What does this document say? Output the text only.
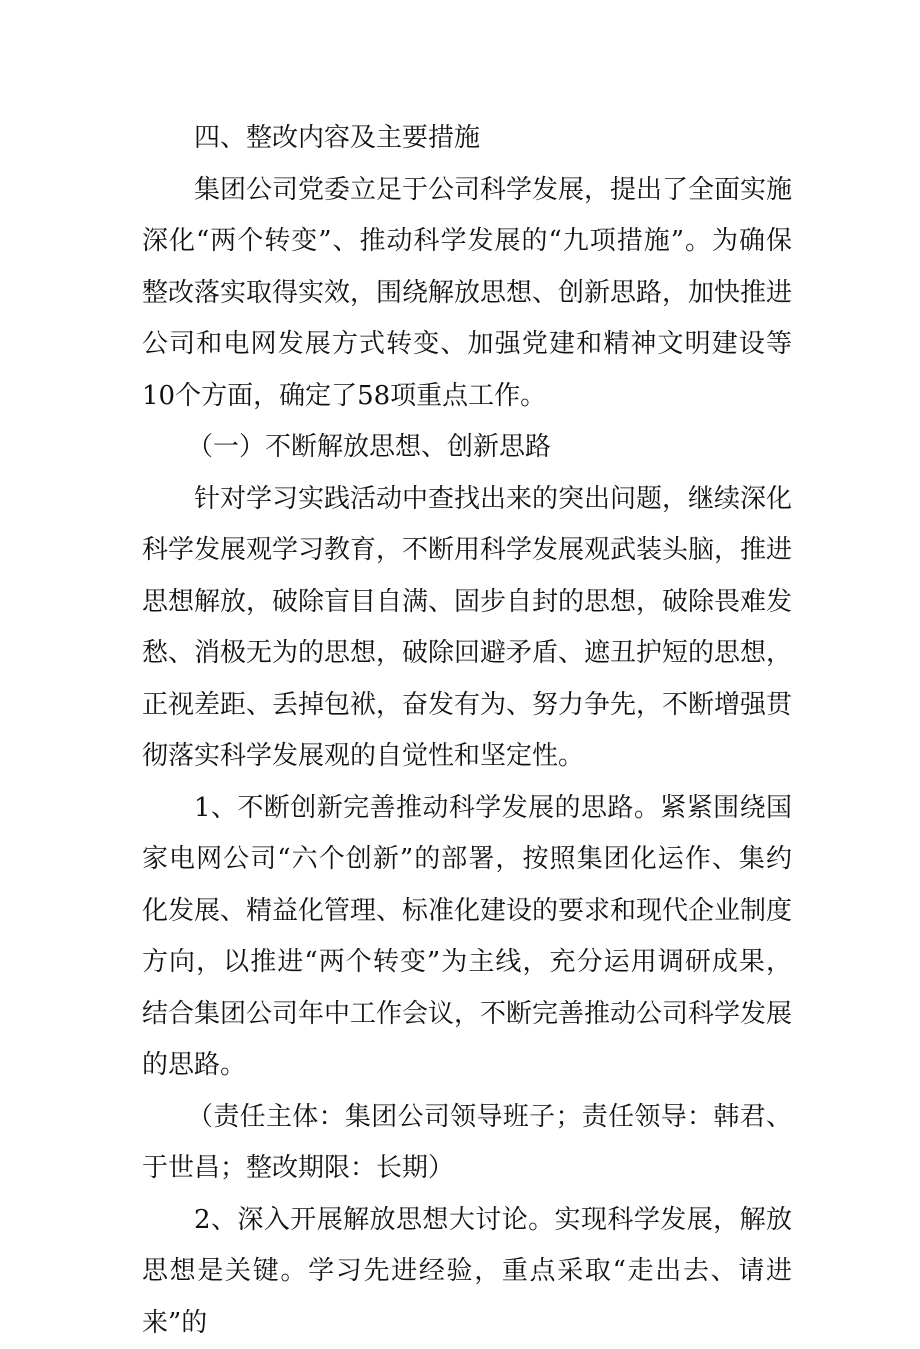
四、整改内容及主要措施

集团公司党委立足于公司科学发展，提出了全面实施深化“两个转变”、推动科学发展的“九项措施”。为确保整改落实取得实效，围绕解放思想、创新思路，加快推进公司和电网发展方式转变、加强党建和精神文明建设等10个方面，确定了58项重点工作。

（一）不断解放思想、创新思路

针对学习实践活动中查找出来的突出问题，继续深化科学发展观学习教育，不断用科学发展观武装头脑，推进思想解放，破除盲目自满、固步自封的思想，破除畏难发愁、消极无为的思想，破除回避矛盾、遮丑护短的思想，正视差距、丢掉包袱，奋发有为、努力争先，不断增强贯彻落实科学发展观的自觉性和坚定性。

1、不断创新完善推动科学发展的思路。紧紧围绕国家电网公司“六个创新”的部署，按照集团化运作、集约化发展、精益化管理、标准化建设的要求和现代企业制度方向，以推进“两个转变”为主线，充分运用调研成果，结合集团公司年中工作会议，不断完善推动公司科学发展的思路。

（责任主体：集团公司领导班子；责任领导：韩君、于世昌；整改期限：长期）

2、深入开展解放思想大讨论。实现科学发展，解放思想是关键。学习先进经验，重点采取“走出去、请进来”的
